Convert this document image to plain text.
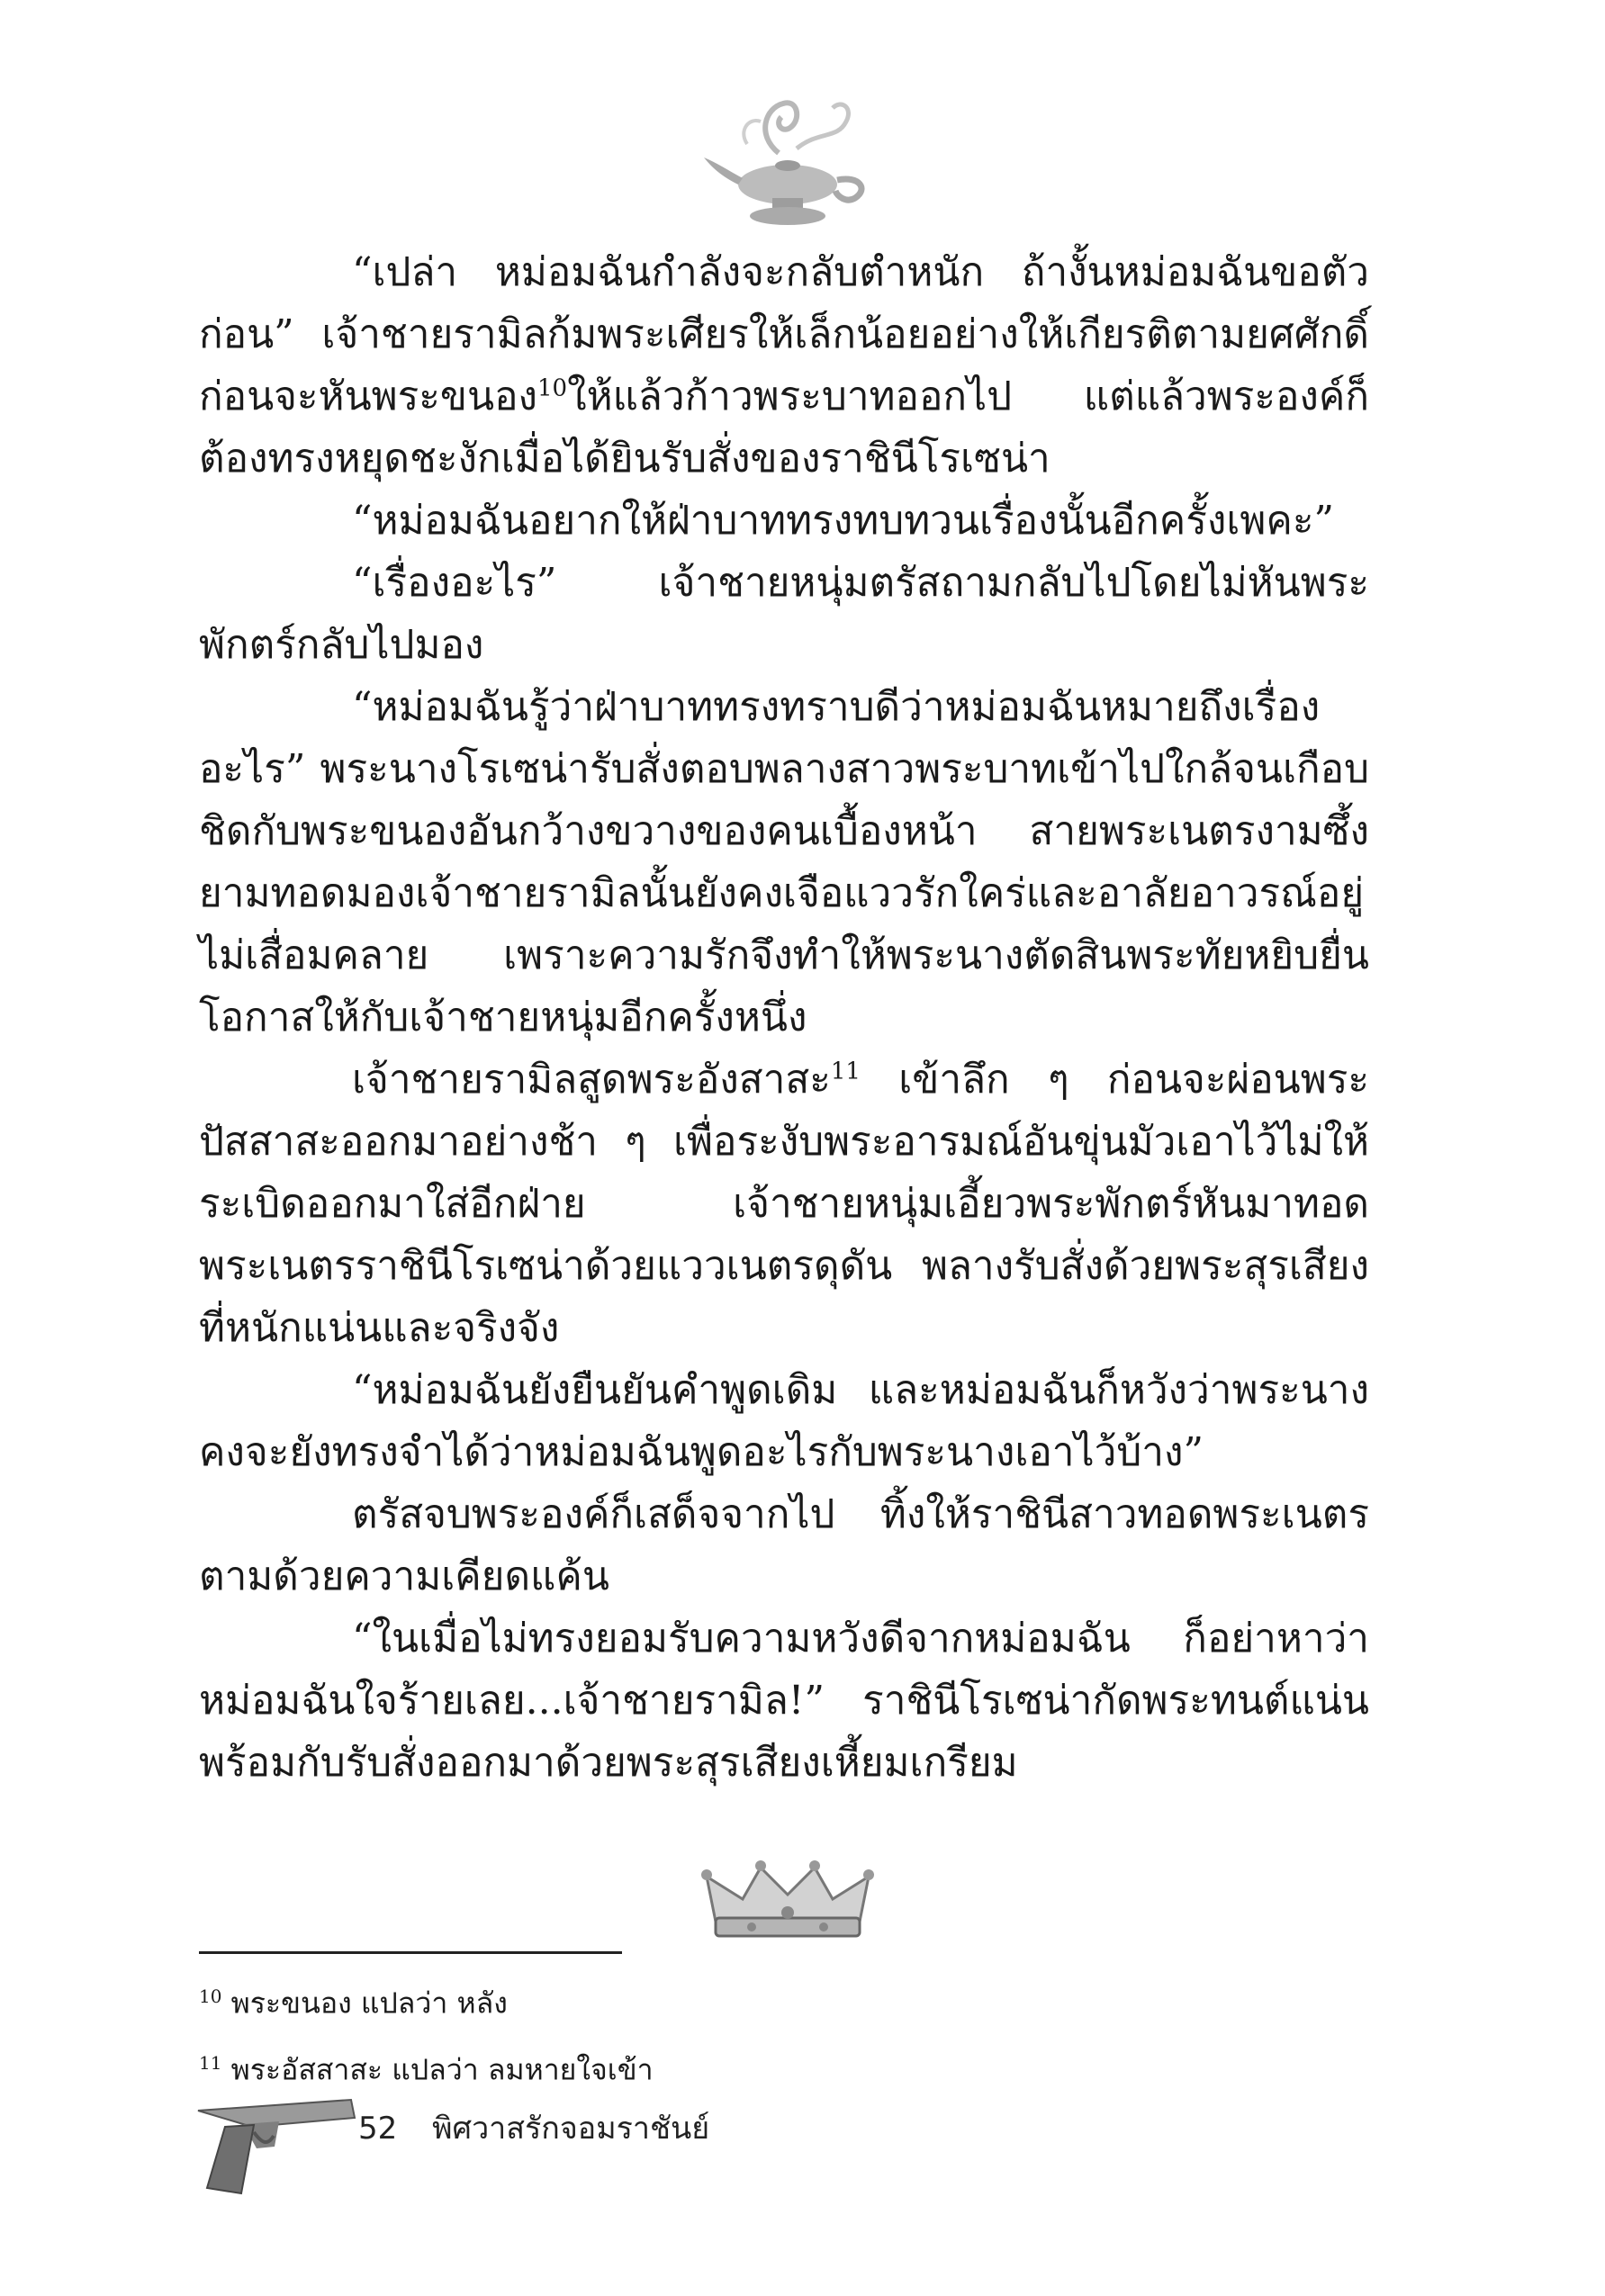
“เปล่า หม่อมฉันกำลังจะกลับตำหนัก ถ้างั้นหม่อมฉันขอตัวก่อน” เจ้าชายรามิลก้มพระเศียรให้เล็กน้อยอย่างให้เกียรติตามยศศักดิ์ก่อนจะหันพระขนอง$^{10}$ให้แล้วก้าวพระบาทออกไป แต่แล้วพระองค์ก็ต้องทรงหยุดชะงักเมื่อได้ยินรับสั่งของราชินีโรเซน่า

“หม่อมฉันอยากให้ฝ่าบาททรงทบทวนเรื่องนั้นอีกครั้งเพคะ”

“เรื่องอะไร” เจ้าชายหนุ่มตรัสถามกลับไปโดยไม่หันพระพักตร์กลับไปมอง

“หม่อมฉันรู้ว่าฝ่าบาททรงทราบดีว่าหม่อมฉันหมายถึงเรื่องอะไร” พระนางโรเซน่ารับสั่งตอบพลางสาวพระบาทเข้าไปใกล้จนเกือบชิดกับพระขนองอันกว้างขวางของคนเบื้องหน้า สายพระเนตรงามซึ้งยามทอดมองเจ้าชายรามิลนั้นยังคงเจือแววรักใคร่และอาลัยอาวรณ์อยู่ไม่เสื่อมคลาย เพราะความรักจึงทำให้พระนางตัดสินพระทัยหยิบยื่นโอกาสให้กับเจ้าชายหนุ่มอีกครั้งหนึ่ง

เจ้าชายรามิลสูดพระอังสาสะ$^{11}$ เข้าลึก ๆ ก่อนจะผ่อนพระปัสสาสะออกมาอย่างช้า ๆ เพื่อระงับพระอารมณ์อันขุ่นมัวเอาไว้ไม่ให้ระเบิดออกมาใส่อีกฝ่าย เจ้าชายหนุ่มเอี้ยวพระพักตร์หันมาทอดพระเนตรราชินีโรเซน่าด้วยแววเนตรดุดัน พลางรับสั่งด้วยพระสุรเสียงที่หนักแน่นและจริงจัง

“หม่อมฉันยังยืนยันคำพูดเดิม และหม่อมฉันก็หวังว่าพระนางคงจะยังทรงจำได้ว่าหม่อมฉันพูดอะไรกับพระนางเอาไว้บ้าง”

ตรัสจบพระองค์ก็เสด็จจากไป ทิ้งให้ราชินีสาวทอดพระเนตรตามด้วยความเคียดแค้น

“ในเมื่อไม่ทรงยอมรับความหวังดีจากหม่อมฉัน ก็อย่าหาว่าหม่อมฉันใจร้ายเลย...เจ้าชายรามิล!” ราชินีโรเซน่ากัดพระทนต์แน่นพร้อมกับรับสั่งออกมาด้วยพระสุรเสียงเหี้ยมเกรียม

$^{10}$ พระขนอง แปลว่า หลัง

$^{11}$ พระอัสสาสะ แปลว่า ลมหายใจเข้า

52 พิศวาสรักจอมราชันย์
